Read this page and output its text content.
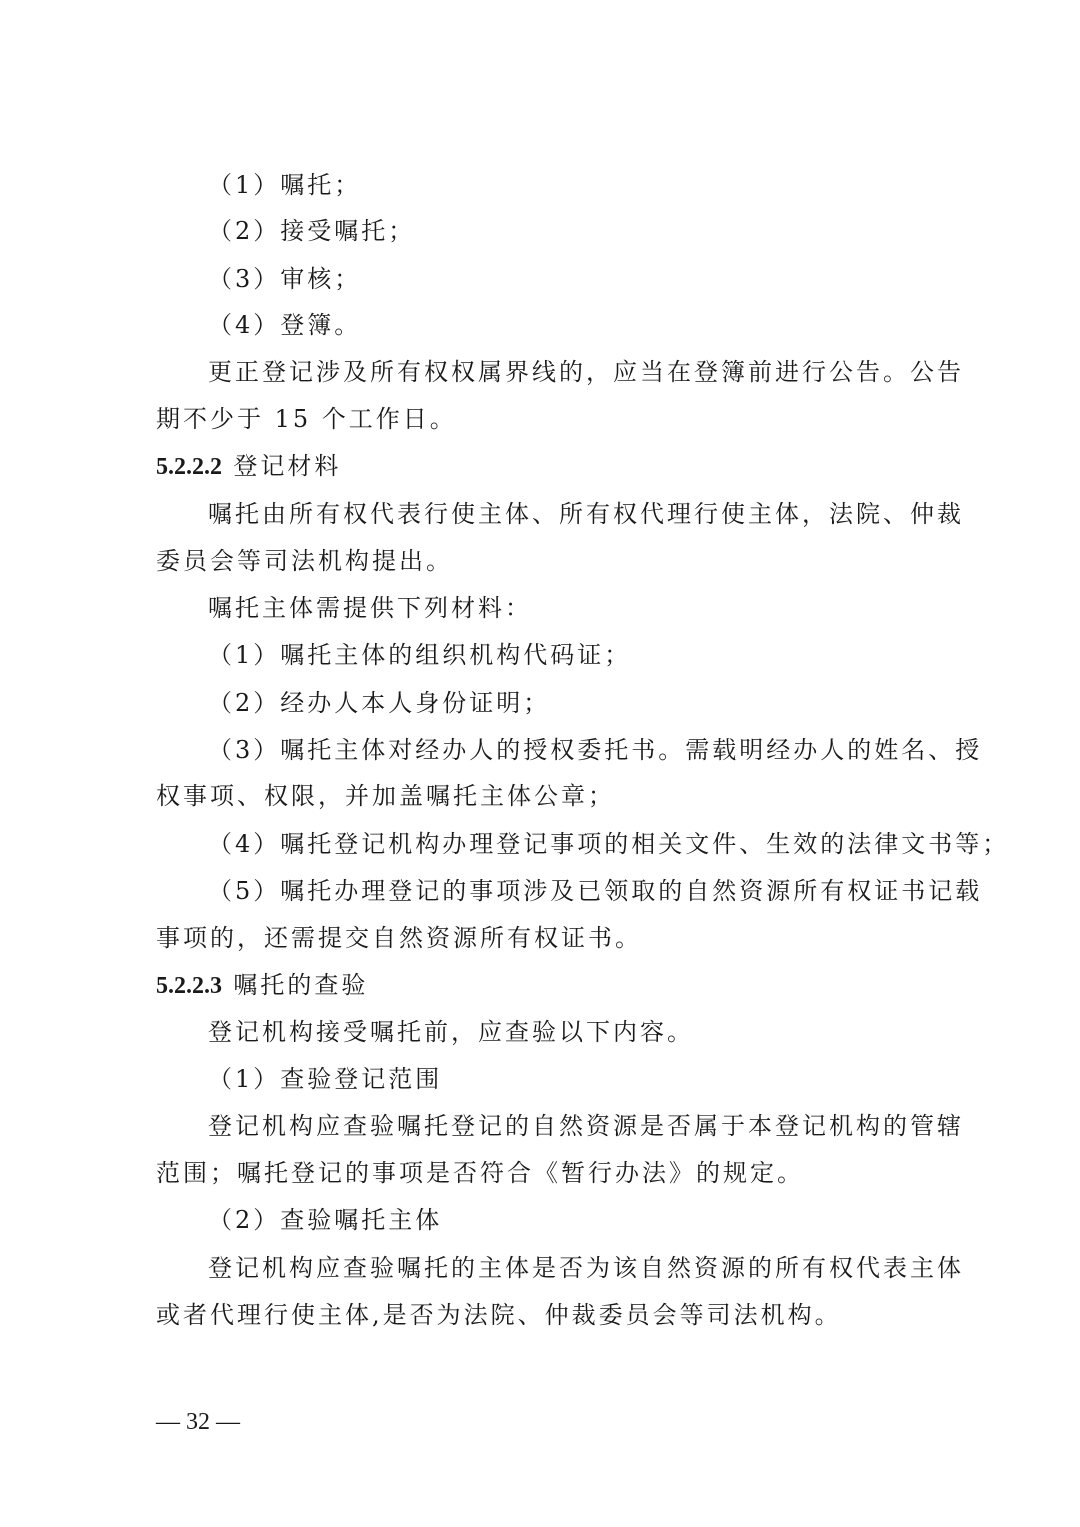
（1）嘱托；
（2）接受嘱托；
（3）审核；
（4）登簿。
更正登记涉及所有权权属界线的，应当在登簿前进行公告。公告
期不少于 15 个工作日。
5.2.2.2 登记材料
嘱托由所有权代表行使主体、所有权代理行使主体，法院、仲裁
委员会等司法机构提出。
嘱托主体需提供下列材料：
（1）嘱托主体的组织机构代码证；
（2）经办人本人身份证明；
（3）嘱托主体对经办人的授权委托书。需载明经办人的姓名、授
权事项、权限，并加盖嘱托主体公章；
（4）嘱托登记机构办理登记事项的相关文件、生效的法律文书等；
（5）嘱托办理登记的事项涉及已领取的自然资源所有权证书记载
事项的，还需提交自然资源所有权证书。
5.2.2.3 嘱托的查验
登记机构接受嘱托前，应查验以下内容。
（1）查验登记范围
登记机构应查验嘱托登记的自然资源是否属于本登记机构的管辖
范围；嘱托登记的事项是否符合《暂行办法》的规定。
（2）查验嘱托主体
登记机构应查验嘱托的主体是否为该自然资源的所有权代表主体
或者代理行使主体,是否为法院、仲裁委员会等司法机构。
— 32 —
